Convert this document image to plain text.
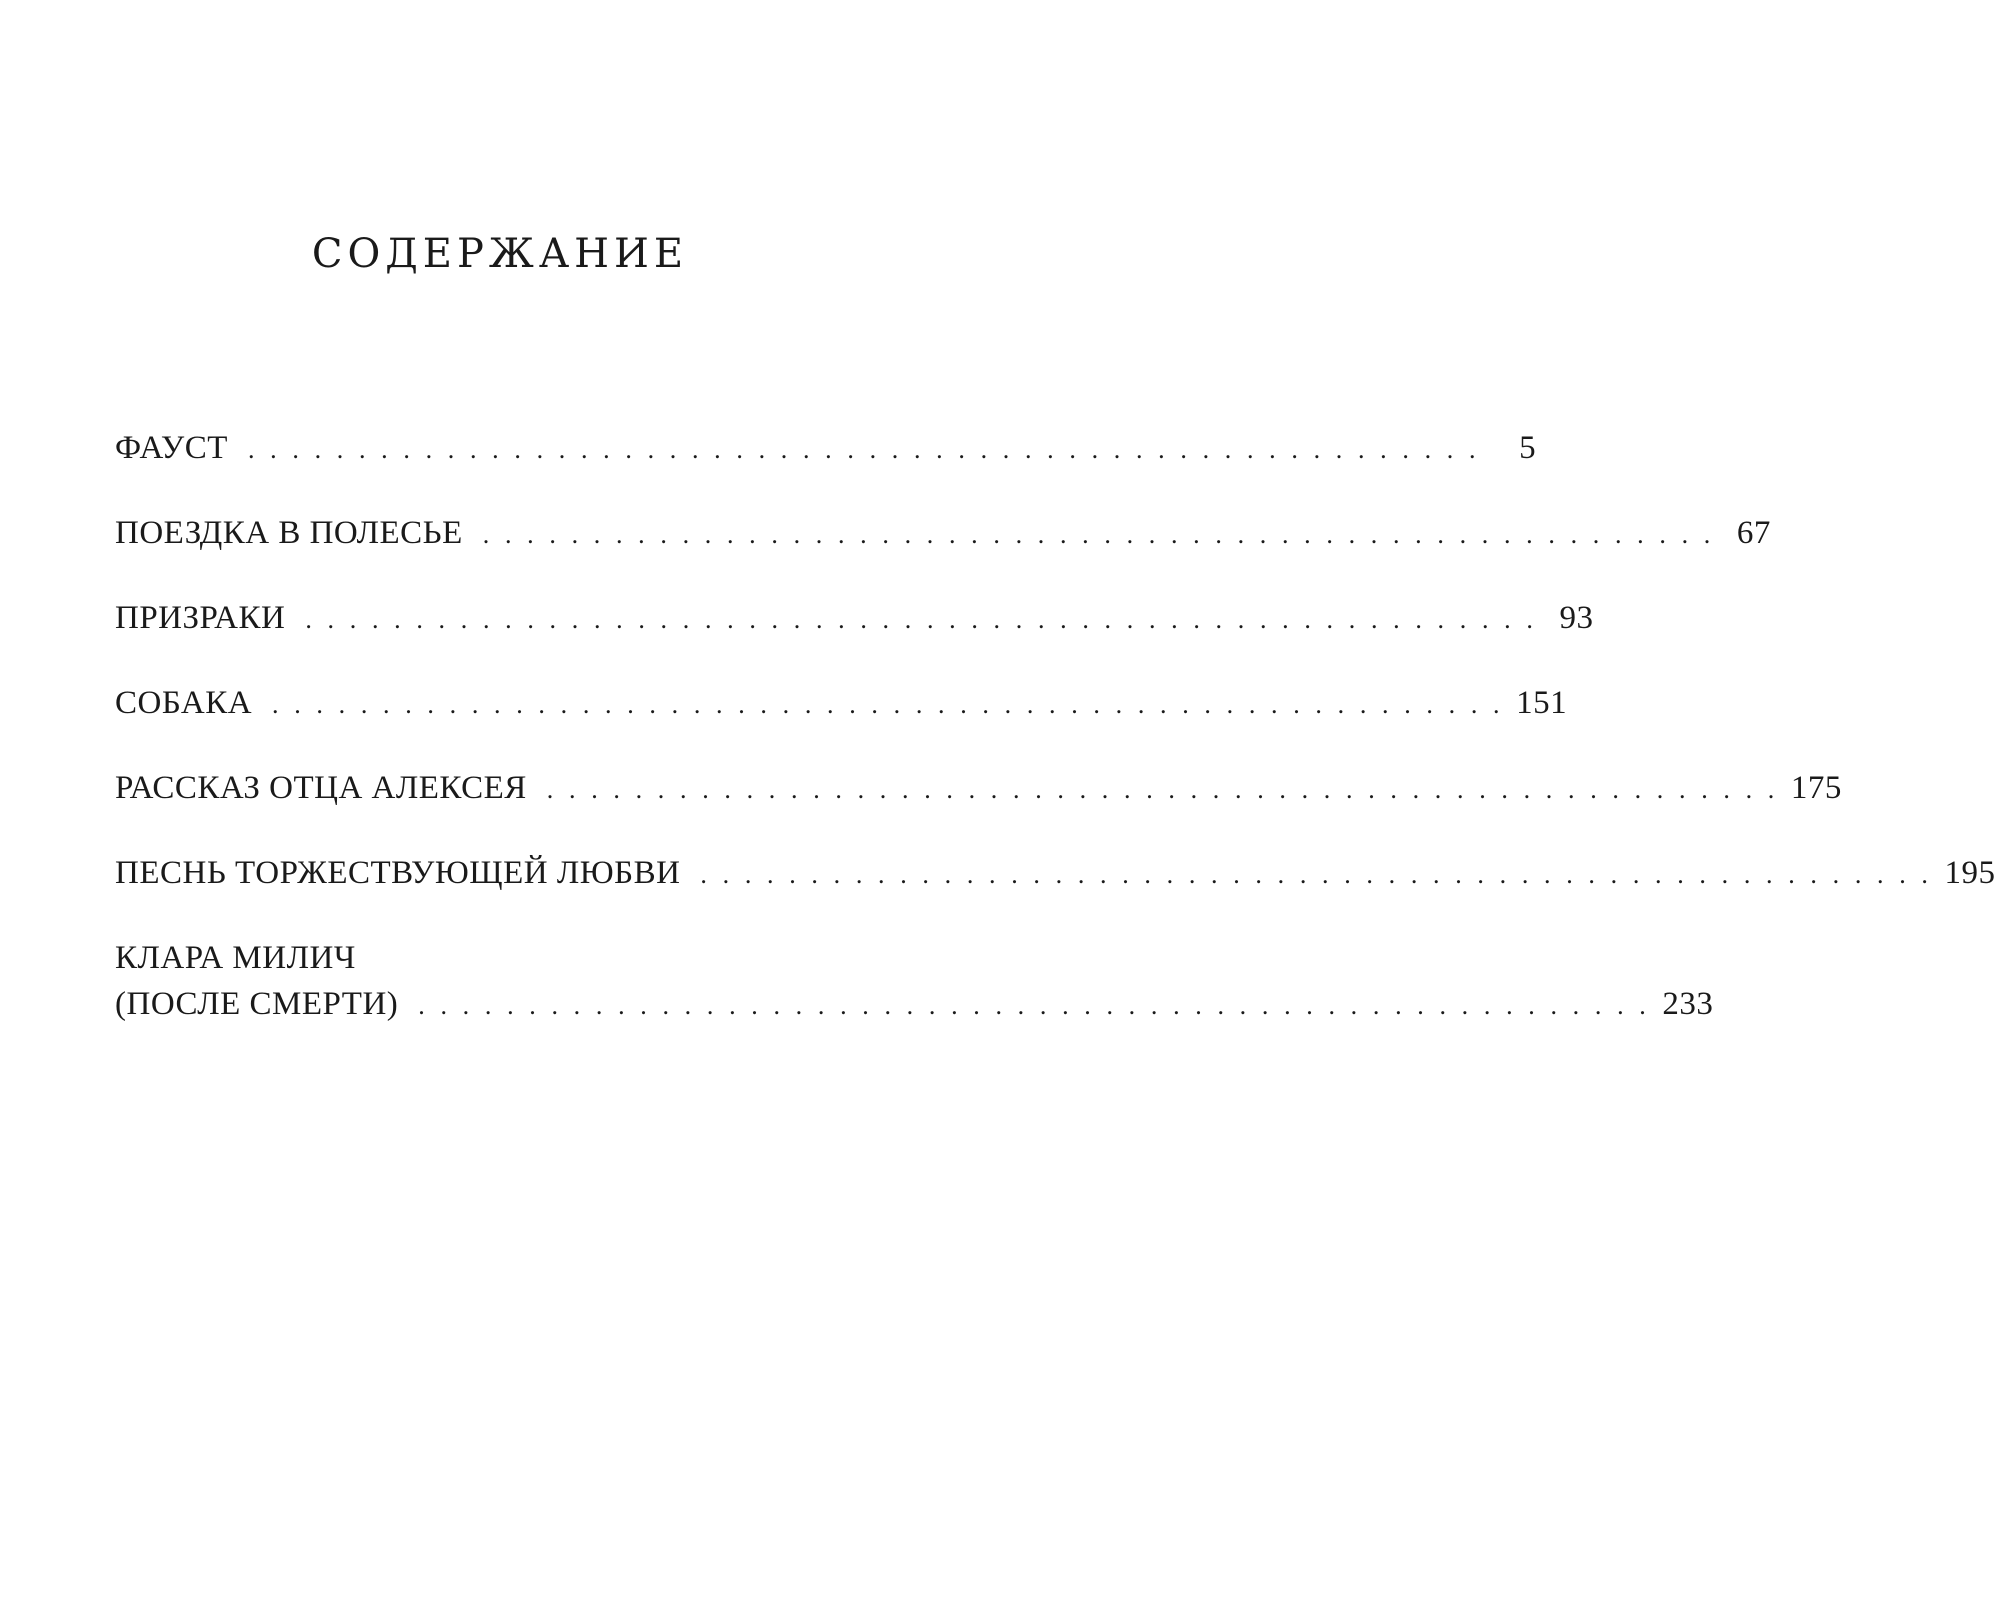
СОДЕРЖАНИЕ
ФАУСТ . . . . . . . . . . . . . . . . . . . . . . . . . . . . . . . . . . . . . . . . . . . . . . . . . . . . . . . .	5
ПОЕЗДКА В ПОЛЕСЬЕ . . . . . . . . . . . . . . . . . . . . . . . . . . . . . . . . . . . . . . . . . . . . . . . . . . . . . . . . 67
ПРИЗРАКИ . . . . . . . . . . . . . . . . . . . . . . . . . . . . . . . . . . . . . . . . . . . . . . . . . . . . . . . . 93
СОБАКА . . . . . . . . . . . . . . . . . . . . . . . . . . . . . . . . . . . . . . . . . . . . . . . . . . . . . . . . 151
РАССКАЗ ОТЦА АЛЕКСЕЯ . . . . . . . . . . . . . . . . . . . . . . . . . . . . . . . . . . . . . . . . . . . . . . . . . . . . . . . . 175
ПЕСНЬ ТОРЖЕСТВУЮЩЕЙ ЛЮБВИ . . . . . . . . . . . . . . . . . . . . . . . . . . . . . . . . . . . . . . . . . . . . . . . . . . . . . . . . 195
КЛАРА МИЛИЧ
(ПОСЛЕ СМЕРТИ) . . . . . . . . . . . . . . . . . . . . . . . . . . . . . . . . . . . . . . . . . . . . . . . . . . . . . . . . 233
